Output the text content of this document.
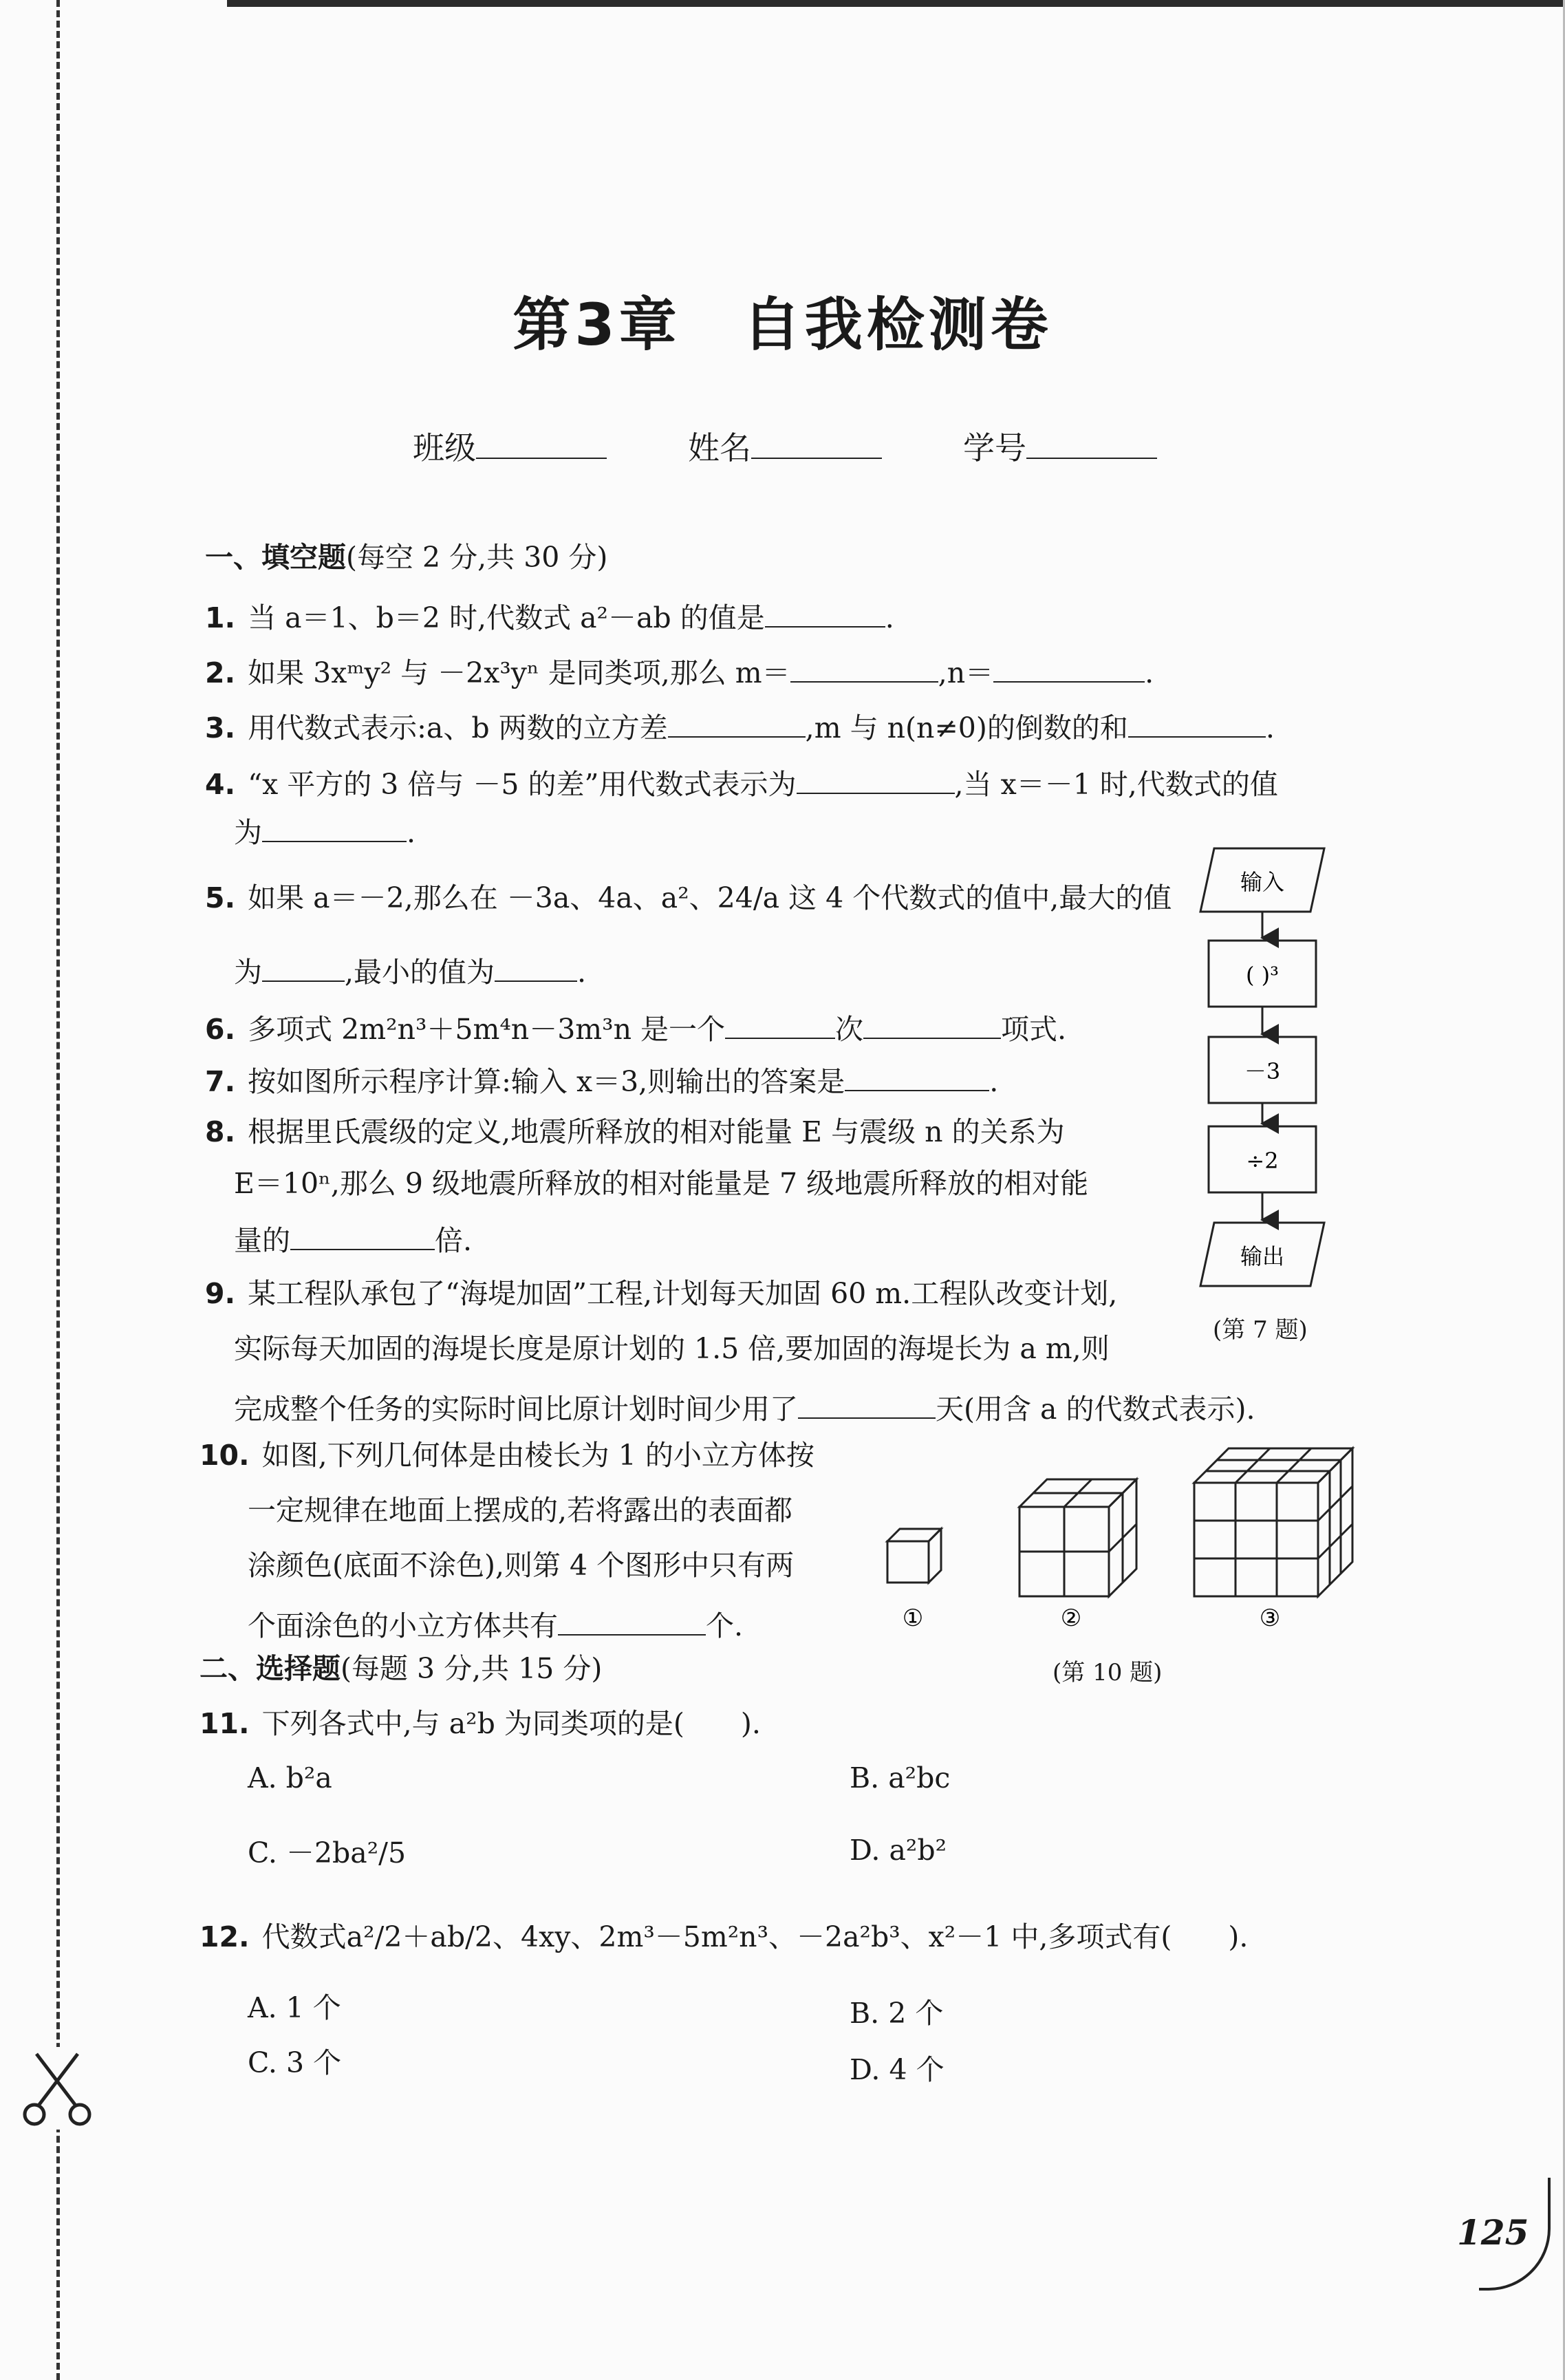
第3章　自我检测卷
班级	姓名	学号
一、填空题(每空 2 分,共 30 分)
1. 当 a＝1、b＝2 时,代数式 a²－ab 的值是	.
2. 如果 3xᵐy² 与 －2x³yⁿ 是同类项,那么 m＝	,n＝	.
3. 用代数式表示:a、b 两数的立方差	,m 与 n(n≠0)的倒数的和	.
4. “x 平方的 3 倍与 －5 的差”用代数式表示为	,当 x＝－1 时,代数式的值
为	.
5. 如果 a＝－2,那么在 －3a、4a、a²、24/a 这 4 个代数式的值中,最大的值
为	,最小的值为	.
6. 多项式 2m²n³＋5m⁴n－3m³n 是一个	次	项式.
7. 按如图所示程序计算:输入 x＝3,则输出的答案是	.
8. 根据里氏震级的定义,地震所释放的相对能量 E 与震级 n 的关系为
E＝10ⁿ,那么 9 级地震所释放的相对能量是 7 级地震所释放的相对能
量的	倍.
9. 某工程队承包了“海堤加固”工程,计划每天加固 60 m.工程队改变计划,
实际每天加固的海堤长度是原计划的 1.5 倍,要加固的海堤长为 a m,则
完成整个任务的实际时间比原计划时间少用了	天(用含 a 的代数式表示).
10. 如图,下列几何体是由棱长为 1 的小立方体按
一定规律在地面上摆成的,若将露出的表面都
涂颜色(底面不涂色),则第 4 个图形中只有两
个面涂色的小立方体共有	个.
输入
( )³
－3
÷2
输出
(第 7 题)
①	②	③
(第 10 题)
二、选择题(每题 3 分,共 15 分)
11. 下列各式中,与 a²b 为同类项的是(　　).
A. b²a	B. a²bc
C. －2ba²/5	D. a²b²
12. 代数式a²/2＋ab/2、4xy、2m³－5m²n³、－2a²b³、x²－1 中,多项式有(　　).
A. 1 个	B. 2 个
C. 3 个	D. 4 个
125
